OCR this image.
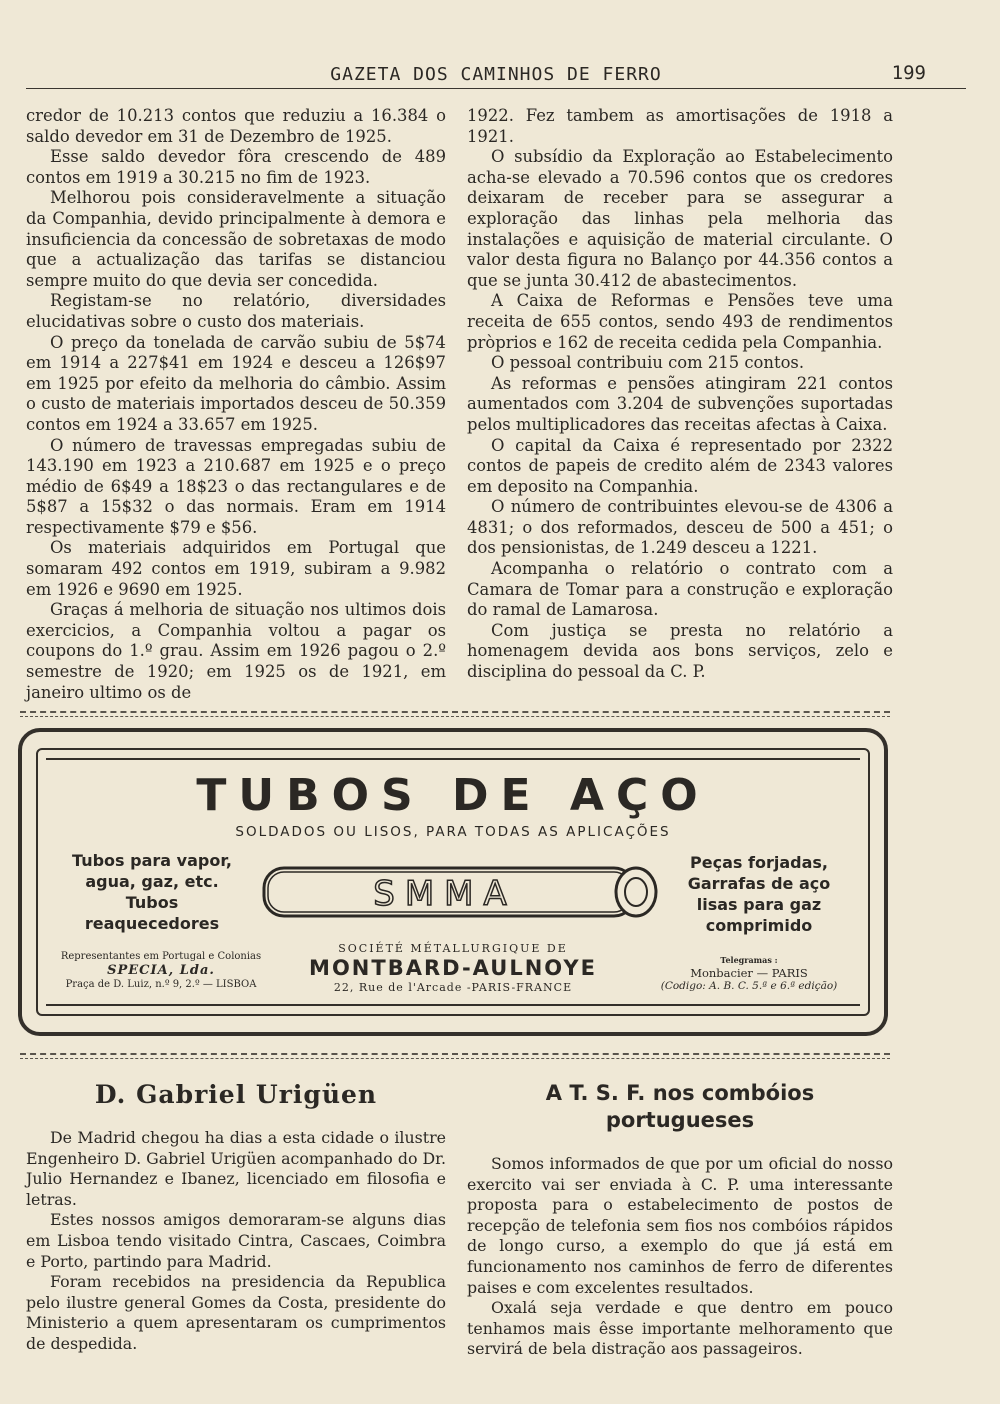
GAZETA DOS CAMINHOS DE FERRO	199

credor de 10.213 contos que reduziu a 16.384 o saldo devedor em 31 de Dezembro de 1925.

Esse saldo devedor fôra crescendo de 489 contos em 1919 a 30.215 no fim de 1923.

Melhorou pois consideravelmente a situação da Companhia, devido principalmente à demora e insuficiencia da concessão de sobretaxas de modo que a actualização das tarifas se distanciou sempre muito do que devia ser concedida.

Registam-se no relatório, diversidades elucidativas sobre o custo dos materiais.

O preço da tonelada de carvão subiu de 5$74 em 1914 a 227$41 em 1924 e desceu a 126$97 em 1925 por efeito da melhoria do câmbio. Assim o custo de materiais importados desceu de 50.359 contos em 1924 a 33.657 em 1925.

O número de travessas empregadas subiu de 143.190 em 1923 a 210.687 em 1925 e o preço médio de 6$49 a 18$23 o das rectangulares e de 5$87 a 15$32 o das normais. Eram em 1914 respectivamente $79 e $56.

Os materiais adquiridos em Portugal que somaram 492 contos em 1919, subiram a 9.982 em 1926 e 9690 em 1925.

Graças á melhoria de situação nos ultimos dois exercicios, a Companhia voltou a pagar os coupons do 1.º grau. Assim em 1926 pagou o 2.º semestre de 1920; em 1925 os de 1921, em janeiro ultimo os de

1922. Fez tambem as amortisações de 1918 a 1921.

O subsídio da Exploração ao Estabelecimento acha-se elevado a 70.596 contos que os credores deixaram de receber para se assegurar a exploração das linhas pela melhoria das instalações e aquisição de material circulante. O valor desta figura no Balanço por 44.356 contos a que se junta 30.412 de abastecimentos.

A Caixa de Reformas e Pensões teve uma receita de 655 contos, sendo 493 de rendimentos pròprios e 162 de receita cedida pela Companhia.

O pessoal contribuiu com 215 contos.

As reformas e pensões atingiram 221 contos aumentados com 3.204 de subvenções suportadas pelos multiplicadores das receitas afectas à Caixa.

O capital da Caixa é representado por 2322 contos de papeis de credito além de 2343 valores em deposito na Companhia.

O número de contribuintes elevou-se de 4306 a 4831; o dos reformados, desceu de 500 a 451; o dos pensionistas, de 1.249 desceu a 1221.

Acompanha o relatório o contrato com a Camara de Tomar para a construção e exploração do ramal de Lamarosa.

Com justiça se presta no relatório a homenagem devida aos bons serviços, zelo e disciplina do pessoal da C. P.

TUBOS DE AÇO
SOLDADOS OU LISOS, PARA TODAS AS APLICAÇÕES
Tubos para vapor,
agua, gaz, etc.
Tubos
reaquecedores
SMMA
Peças forjadas,
Garrafas de aço
lisas para gaz
comprimido
Representantes em Portugal e Colonias
SPECIA, Lda.
Praça de D. Luiz, n.º 9, 2.º — LISBOA
SOCIÉTÉ MÉTALLURGIQUE DE
MONTBARD-AULNOYE
22, Rue de l'Arcade -PARIS-FRANCE
Telegramas :
Monbacier — PARIS
(Codigo: A. B. C. 5.ª e 6.ª edição)
D. Gabriel Urigüen

De Madrid chegou ha dias a esta cidade o ilustre Engenheiro D. Gabriel Urigüen acompanhado do Dr. Julio Hernandez e Ibanez, licenciado em filosofia e letras.

Estes nossos amigos demoraram-se alguns dias em Lisboa tendo visitado Cintra, Cascaes, Coimbra e Porto, partindo para Madrid.

Foram recebidos na presidencia da Republica pelo ilustre general Gomes da Costa, presidente do Ministerio a quem apresentaram os cumprimentos de despedida.

A T. S. F. nos combóios
portugueses

Somos informados de que por um oficial do nosso exercito vai ser enviada à C. P. uma interessante proposta para o estabelecimento de postos de recepção de telefonia sem fios nos combóios rápidos de longo curso, a exemplo do que já está em funcionamento nos caminhos de ferro de diferentes paises e com excelentes resultados.

Oxalá seja verdade e que dentro em pouco tenhamos mais êsse importante melhoramento que servirá de bela distração aos passageiros.
